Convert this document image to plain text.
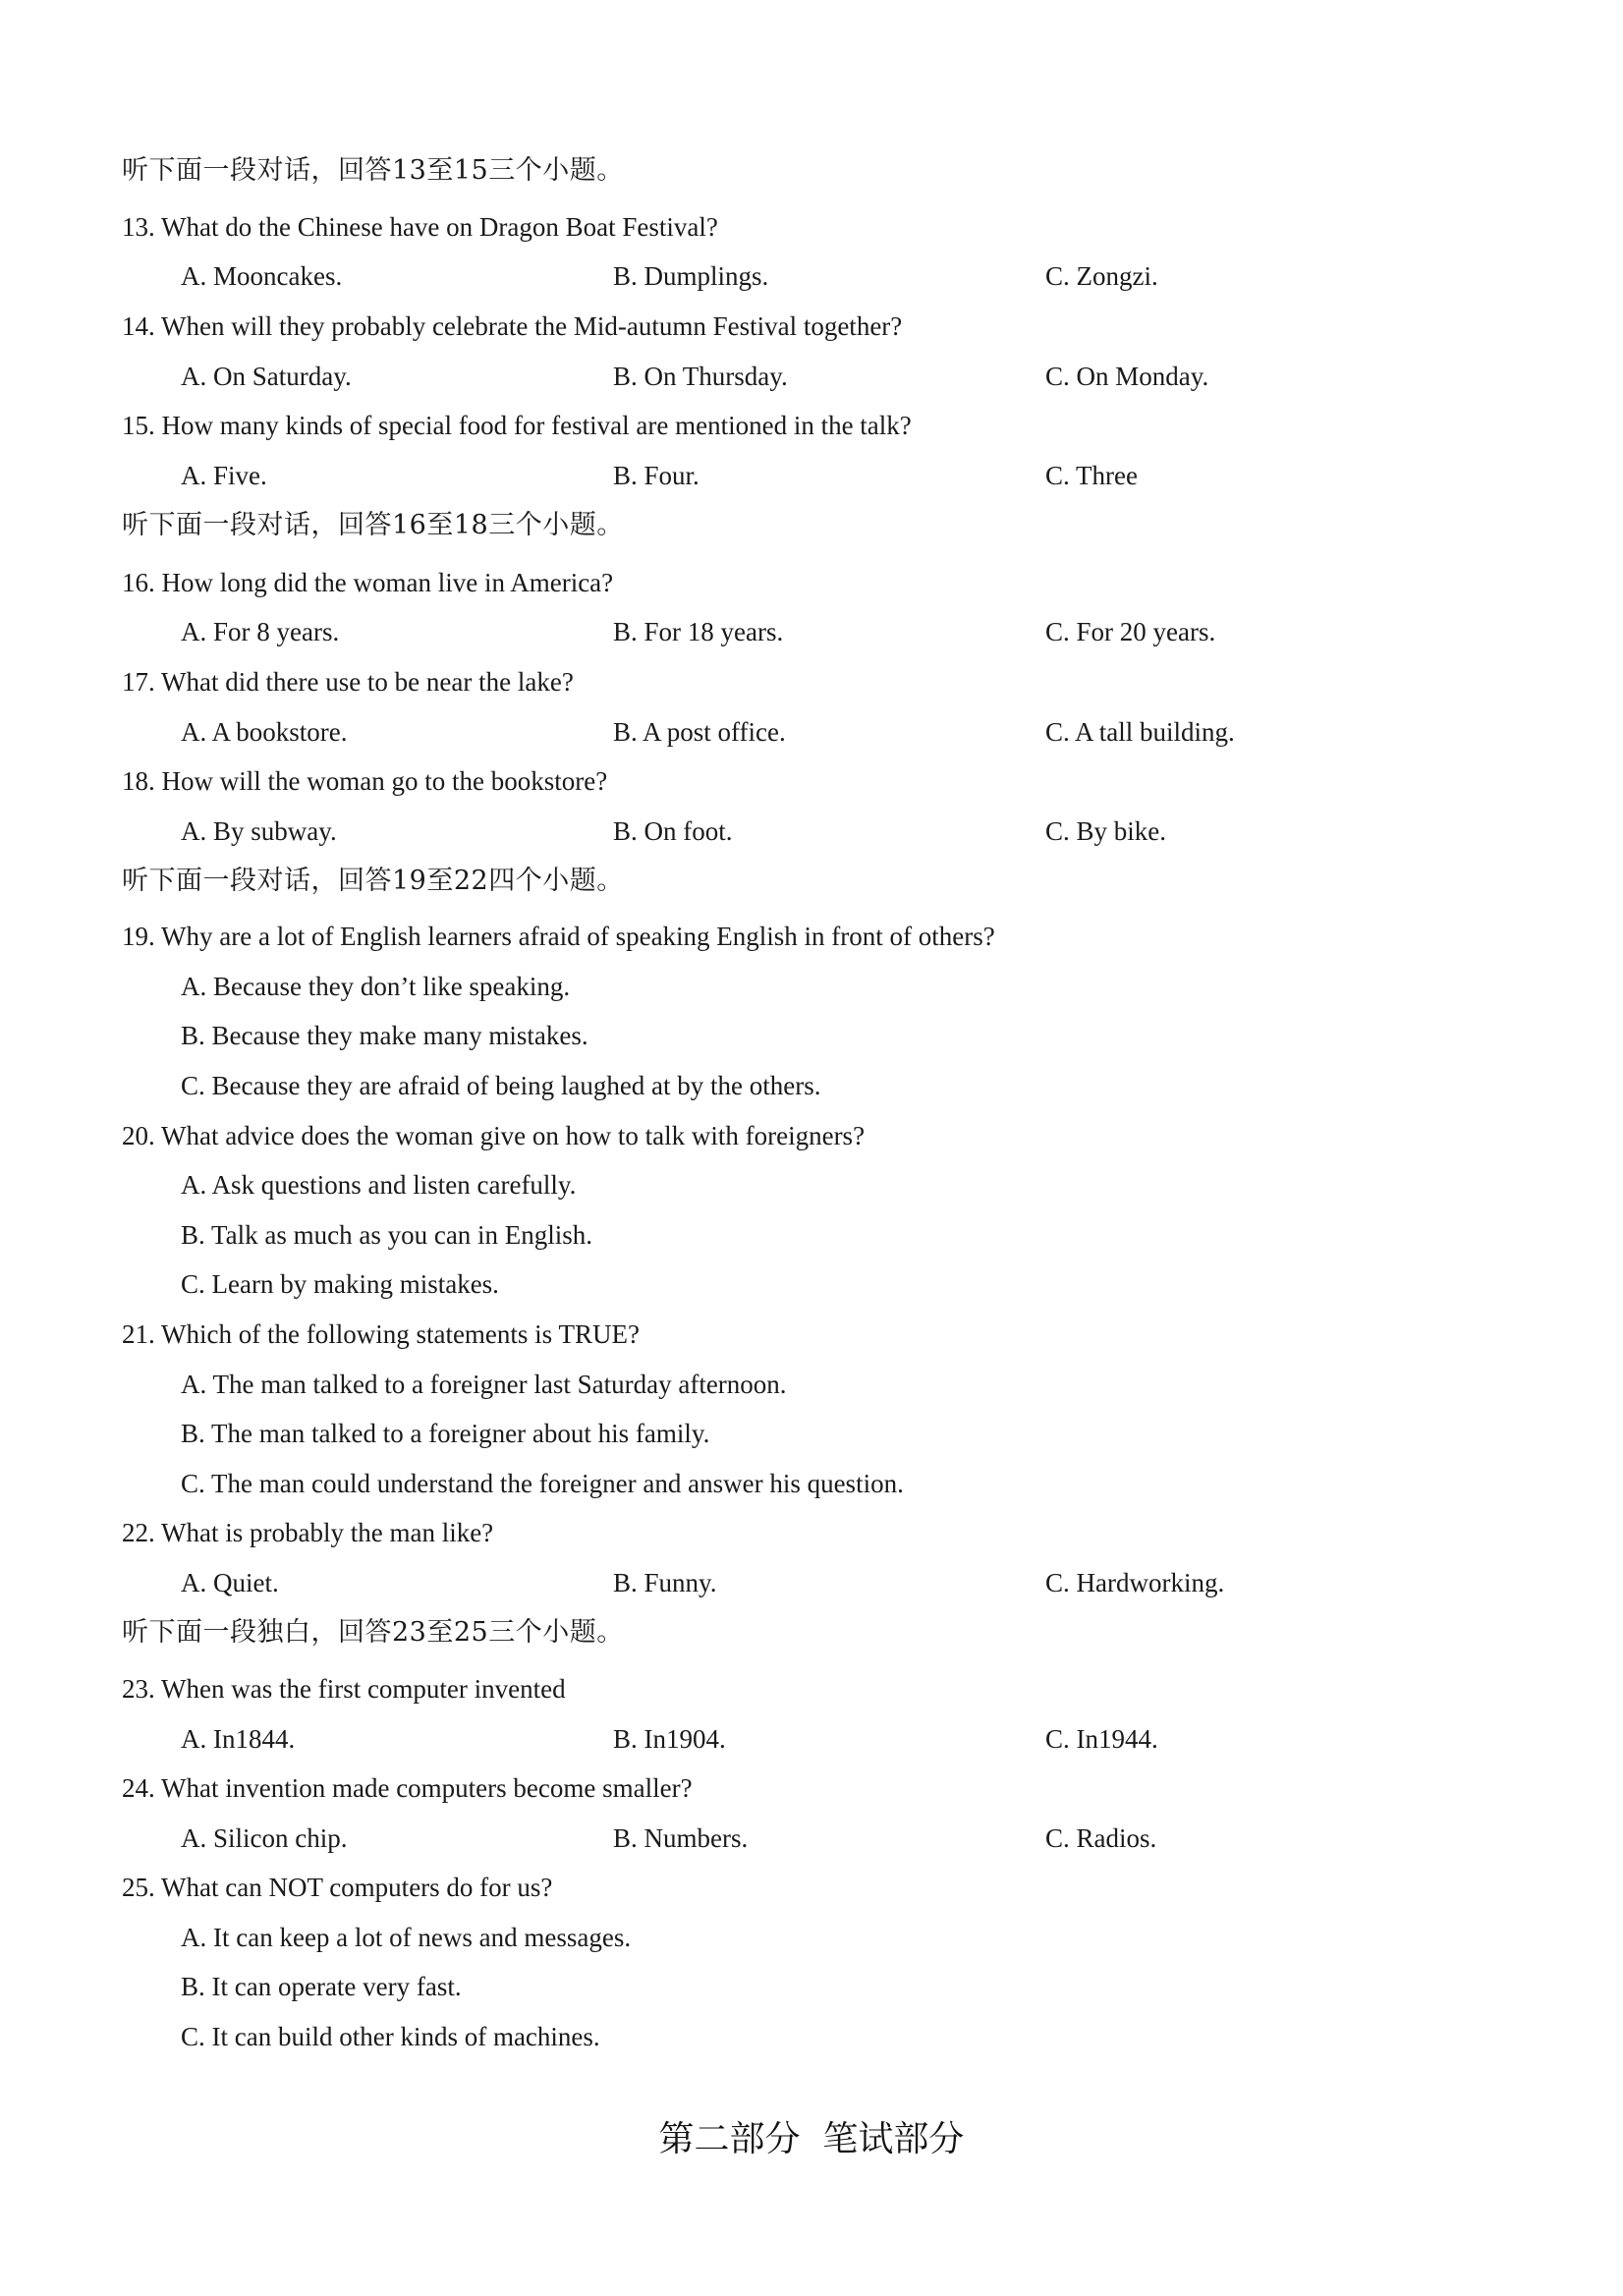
听下面一段对话，回答13至15三个小题。
13. What do the Chinese have on Dragon Boat Festival?
A. Mooncakes.	B. Dumplings.	C. Zongzi.
14. When will they probably celebrate the Mid-autumn Festival together?
A. On Saturday.	B. On Thursday.	C. On Monday.
15. How many kinds of special food for festival are mentioned in the talk?
A. Five.	B. Four.	C. Three
听下面一段对话，回答16至18三个小题。
16. How long did the woman live in America?
A. For 8 years.	B. For 18 years.	C. For 20 years.
17. What did there use to be near the lake?
A. A bookstore.	B. A post office.	C. A tall building.
18. How will the woman go to the bookstore?
A. By subway.	B. On foot.	C. By bike.
听下面一段对话，回答19至22四个小题。
19. Why are a lot of English learners afraid of speaking English in front of others?
A. Because they don’t like speaking.
B. Because they make many mistakes.
C. Because they are afraid of being laughed at by the others.
20. What advice does the woman give on how to talk with foreigners?
A. Ask questions and listen carefully.
B. Talk as much as you can in English.
C. Learn by making mistakes.
21. Which of the following statements is TRUE?
A. The man talked to a foreigner last Saturday afternoon.
B. The man talked to a foreigner about his family.
C. The man could understand the foreigner and answer his question.
22. What is probably the man like?
A. Quiet.	B. Funny.	C. Hardworking.
听下面一段独白，回答23至25三个小题。
23. When was the first computer invented
A. In1844.	B. In1904.	C. In1944.
24. What invention made computers become smaller?
A. Silicon chip.	B. Numbers.	C. Radios.
25. What can NOT computers do for us?
A. It can keep a lot of news and messages.
B. It can operate very fast.
C. It can build other kinds of machines.
第二部分  笔试部分
